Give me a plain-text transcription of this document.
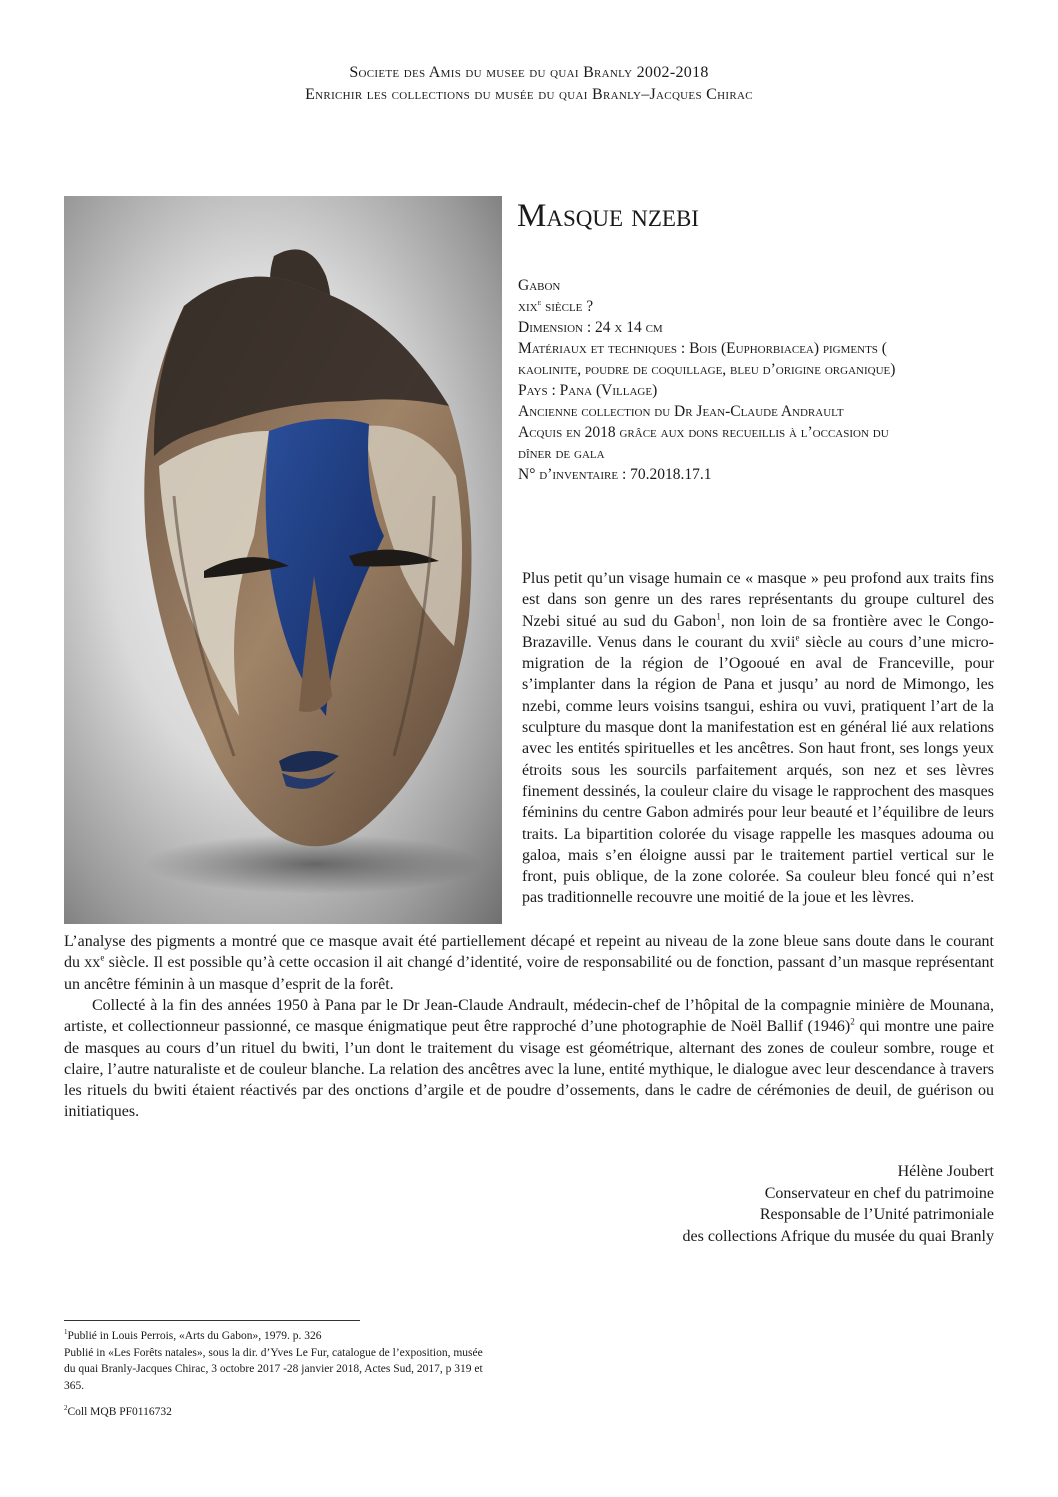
Societe des Amis du musee du quai Branly 2002-2018
Enrichir les collections du musée du quai Branly–Jacques Chirac
Masque nzebi
Gabon
xix$^e$ siècle ?
Dimension : 24 x 14 cm
Matériaux et techniques : Bois (Euphorbiacea) pigments (
kaolinite, poudre de coquillage, bleu d’origine organique)
Pays : Pana (Village)
Ancienne collection du Dr Jean-Claude Andrault
Acquis en 2018 grâce aux dons recueillis à l’occasion du
dîner de gala
N° d’inventaire : 70.2018.17.1
Plus petit qu’un visage humain ce « masque » peu profond aux traits fins est dans son genre un des rares représentants du groupe culturel des Nzebi situé au sud du Gabon$^1$, non loin de sa frontière avec le Congo-Brazaville. Venus dans le courant du xvii$^e$ siècle au cours d’une micro-migration de la région de l’Ogooué en aval de Franceville, pour s’implanter dans la région de Pana et jusqu’ au nord de Mimongo, les nzebi, comme leurs voisins tsangui, eshira ou vuvi, pratiquent l’art de la sculpture du masque dont la manifestation est en général lié aux relations avec les entités spirituelles et les ancêtres. Son haut front, ses longs yeux étroits sous les sourcils parfaitement arqués, son nez et ses lèvres finement dessinés, la couleur claire du visage le rapprochent des masques féminins du centre Gabon admirés pour leur beauté et l’équilibre de leurs traits. La bipartition colorée du visage rappelle les masques adouma ou galoa, mais s’en éloigne aussi par le traitement partiel vertical sur le front, puis oblique, de la zone colorée. Sa couleur bleu foncé qui n’est pas traditionnelle recouvre une moitié de la joue et les lèvres.
L’analyse des pigments a montré que ce masque avait été partiellement décapé et repeint au niveau de la zone bleue sans doute dans le courant du $xx^e$ siècle. Il est possible qu’à cette occasion il ait changé d’identité, voire de responsabilité ou de fonction, passant d’un masque représentant un ancêtre féminin à un masque d’esprit de la forêt.
Collecté à la fin des années 1950 à Pana par le Dr Jean-Claude Andrault, médecin-chef de l’hôpital de la compagnie minière de Mounana, artiste, et collectionneur passionné, ce masque énigmatique peut être rapproché d’une photographie de Noël Ballif $(1946)^2$ qui montre une paire de masques au cours d’un rituel du bwiti, l’un dont le traitement du visage est géométrique, alternant des zones de couleur sombre, rouge et claire, l’autre naturaliste et de couleur blanche. La relation des ancêtres avec la lune, entité mythique, le dialogue avec leur descendance à travers les rituels du bwiti étaient réactivés par des onctions d’argile et de poudre d’ossements, dans le cadre de cérémonies de deuil, de guérison ou initiatiques.
Hélène Joubert
Conservateur en chef du patrimoine
Responsable de l’Unité patrimoniale
des collections Afrique du musée du quai Branly
$^1$Publié in Louis Perrois, «Arts du Gabon», 1979. p. 326
Publié in «Les Forêts natales», sous la dir. d’Yves Le Fur, catalogue de l’exposition, musée du quai Branly-Jacques Chirac, 3 octobre 2017 -28 janvier 2018, Actes Sud, 2017, p 319 et 365.
$^2$Coll MQB PF0116732
